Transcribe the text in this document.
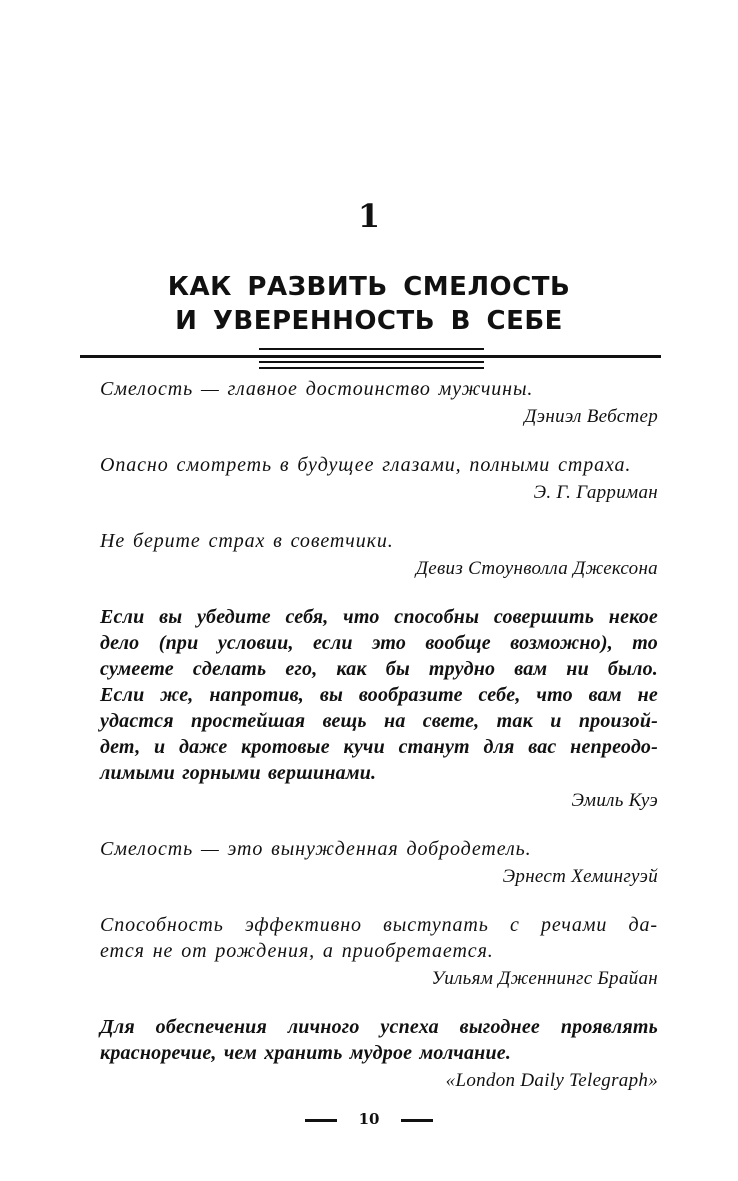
1
КАК РАЗВИТЬ СМЕЛОСТЬ
И УВЕРЕННОСТЬ В СЕБЕ

Смелость — главное достоинство мужчины.

Дэниэл Вебстер

Опасно смотреть в будущее глазами, полными страха.

Э. Г. Гарриман

Не берите страх в советчики.

Девиз Стоунволла Джексона

Если вы убедите себя, что способны совершить некое
дело (при условии, если это вообще возможно), то
сумеете сделать его, как бы трудно вам ни было.
Если же, напротив, вы вообразите себе, что вам не
удастся простейшая вещь на свете, так и произой-
дет, и даже кротовые кучи станут для вас непреодо-
лимыми горными вершинами.

Эмиль Куэ

Смелость — это вынужденная добродетель.

Эрнест Хемингуэй

Способность эффективно выступать с речами да-
ется не от рождения, а приобретается.

Уильям Дженнингс Брайан

Для обеспечения личного успеха выгоднее проявлять
красноречие, чем хранить мудрое молчание.

«London Daily Telegraph»

10
